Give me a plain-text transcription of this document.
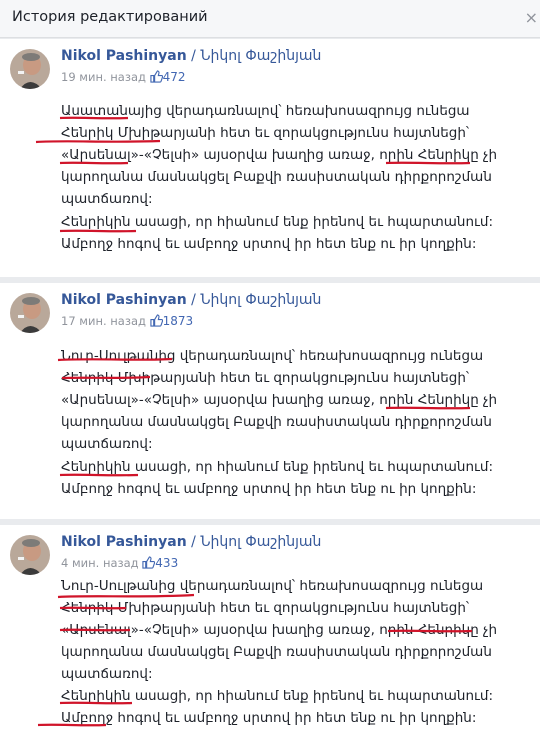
История редактирований	×
Nikol Pashinyan / Նիկոլ Փաշինյան
19 мин. назад 472
Ասատանայից վերադառնալով՝ հեռախոսազրույց ունեցա
Հենրիկ Մխիթարյանի հետ եւ զորակցությունս հայտնեցի՝
«Արսենալ»-«Չելսի» այսօրվա խաղից առաջ, որին Հենրիկը չի
կարողանա մասնակցել Բաքվի ռասիստական դիրքորոշման
պատճառով:
Հենրիկին ասացի, որ հիանում ենք իրենով եւ հպարտանում:
Ամբողջ հոգով եւ ամբողջ սրտով իր հետ ենք ու իր կողքին:
Nikol Pashinyan / Նիկոլ Փաշինյան
17 мин. назад 1873
Նուր-Սուլթանից վերադառնալով՝ հեռախոսազրույց ունեցա
Հենրիկ Մխիթարյանի հետ եւ զորակցությունս հայտնեցի՝
«Արսենալ»-«Չելսի» այսօրվա խաղից առաջ, որին Հենրիկը չի
կարողանա մասնակցել Բաքվի ռասիստական դիրքորոշման
պատճառով:
Հենրիկին ասացի, որ հիանում ենք իրենով եւ հպարտանում:
Ամբողջ հոգով եւ ամբողջ սրտով իր հետ ենք ու իր կողքին:
Nikol Pashinyan / Նիկոլ Փաշինյան
4 мин. назад 433
Նուր-Սուլթանից վերադառնալով՝ հեռախոսազրույց ունեցա
Հենրիկ Մխիթարյանի հետ եւ զորակցությունս հայտնեցի՝
«Արսենալ»-«Չելսի» այսօրվա խաղից առաջ, որին Հենրիկը չի
կարողանա մասնակցել Բաքվի ռասիստական դիրքորոշման
պատճառով:
Հենրիկին ասացի, որ հիանում ենք իրենով եւ հպարտանում:
Ամբողջ հոգով եւ ամբողջ սրտով իր հետ ենք ու իր կողքին:
